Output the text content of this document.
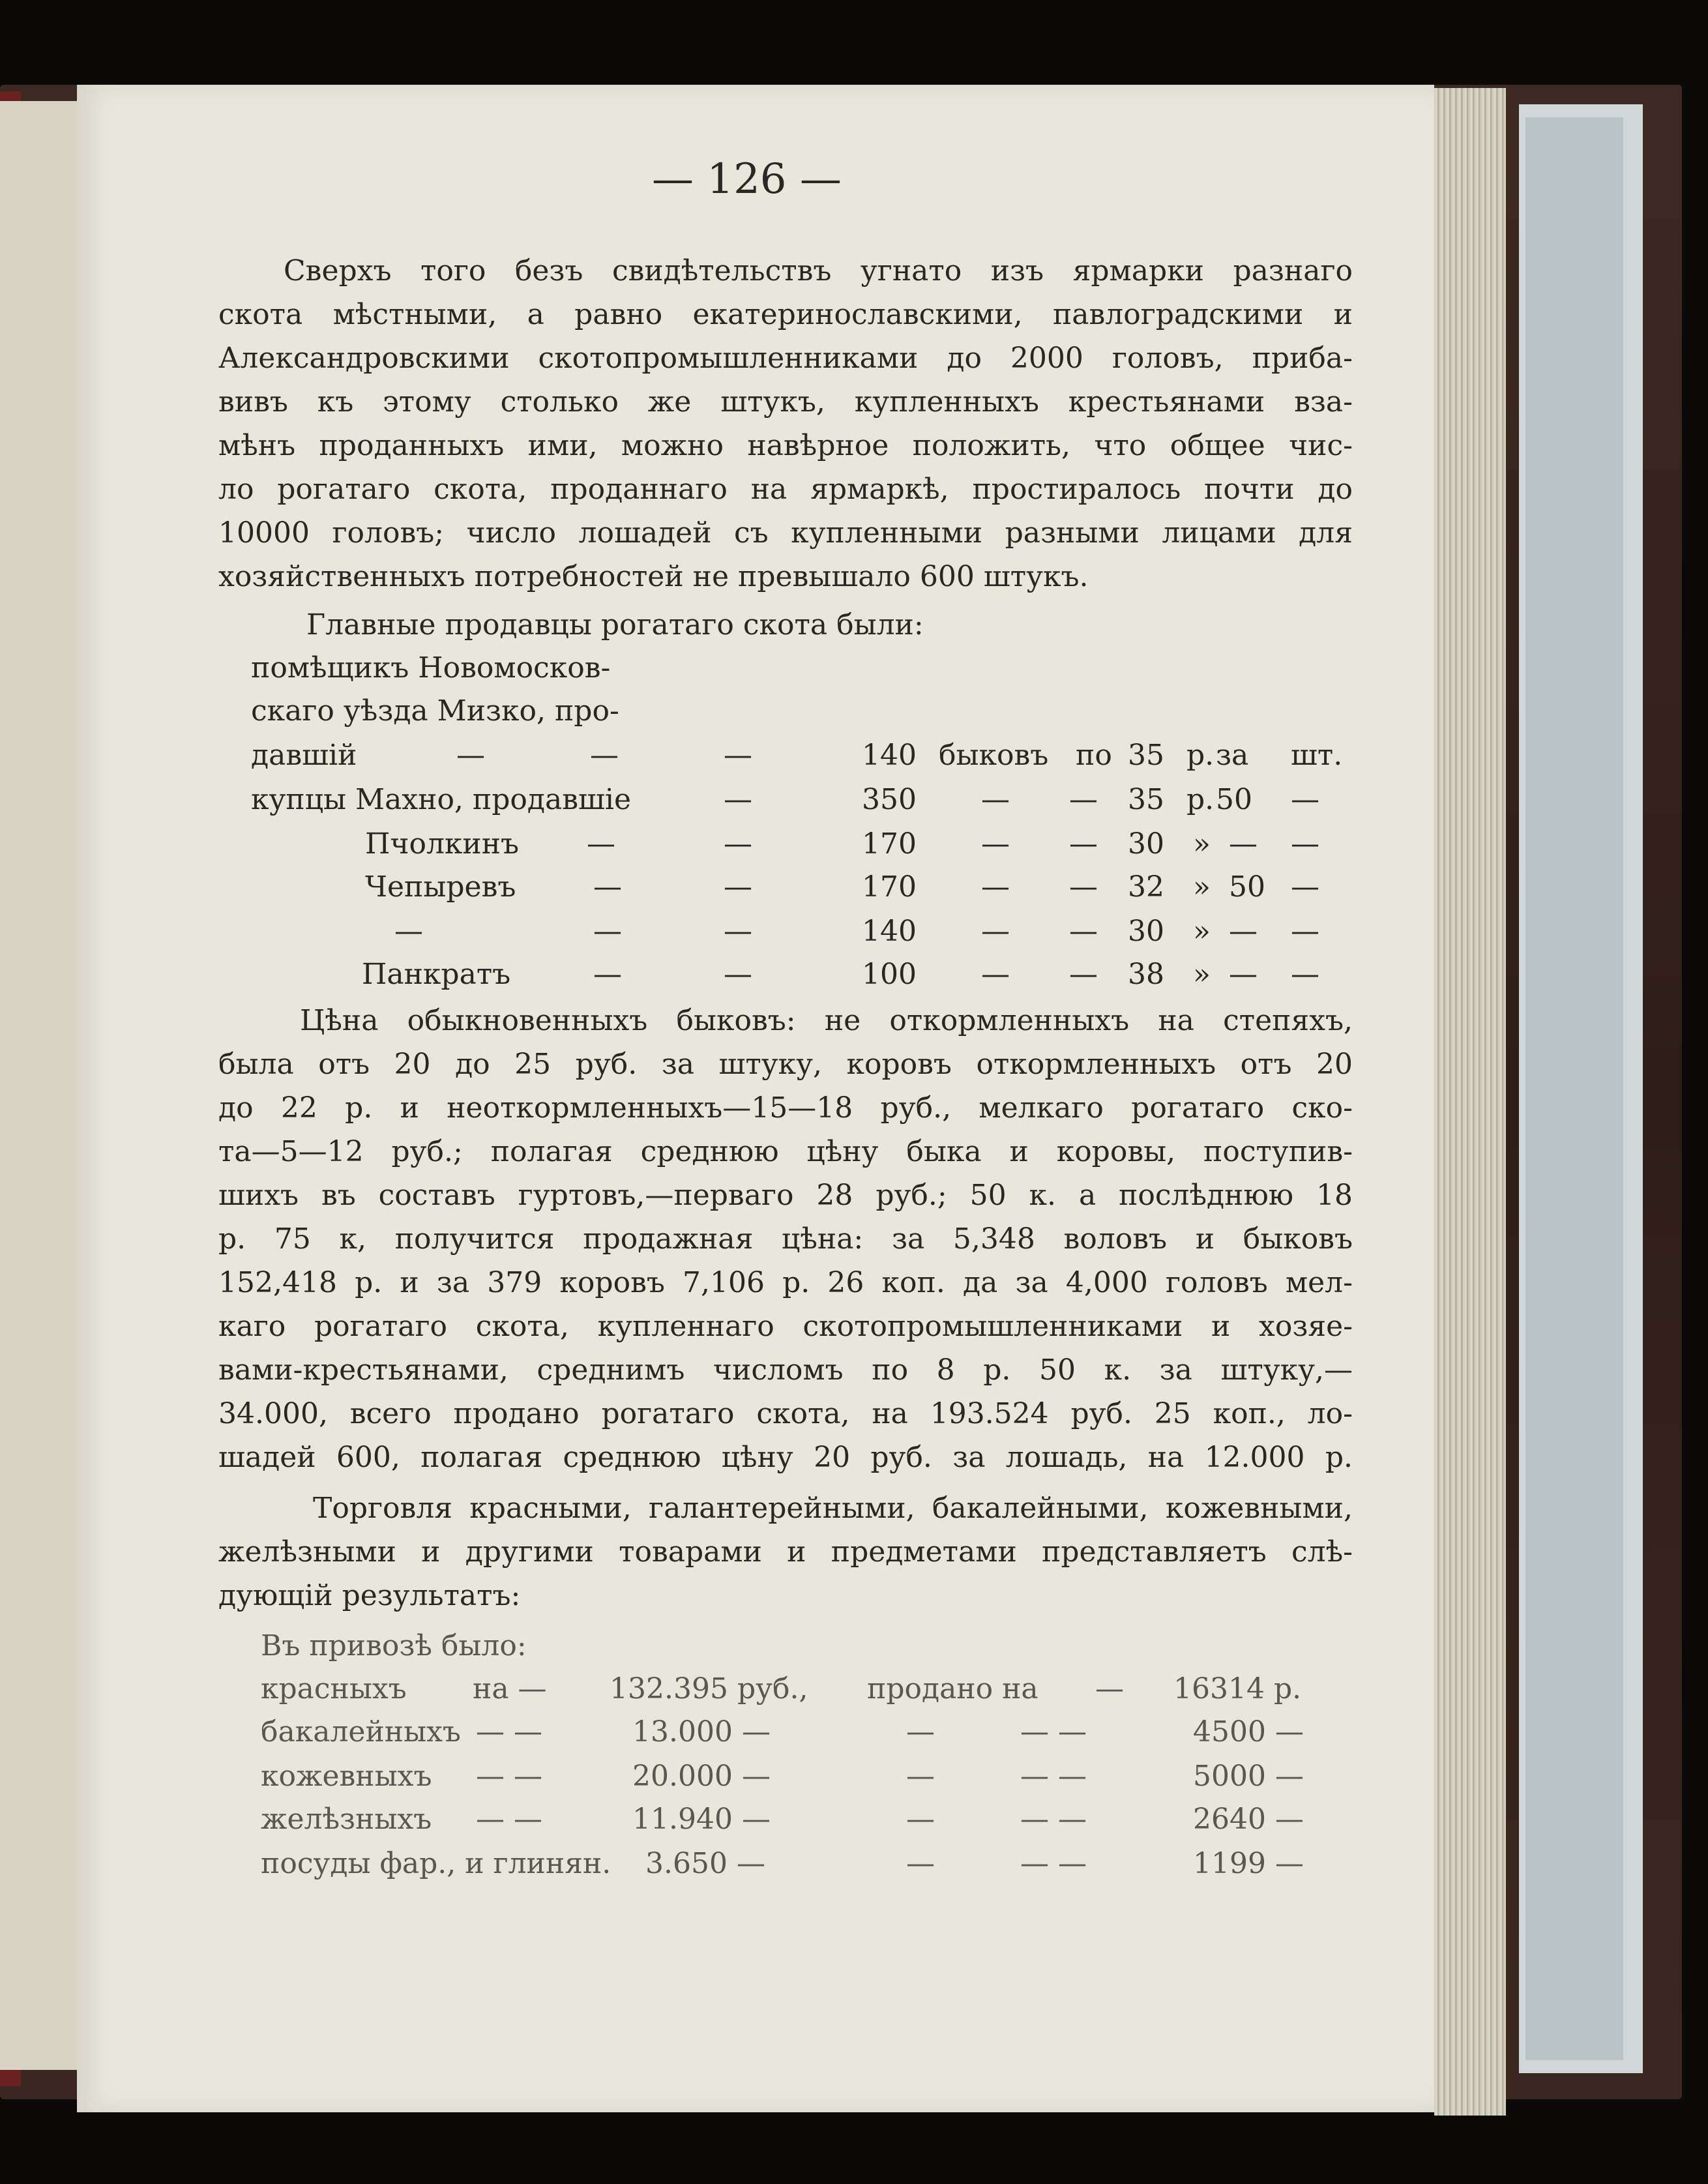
— 126 —
Сверхъ того безъ свидѣтельствъ угнато изъ ярмарки разнаго
скота мѣстными, а равно екатеринославскими, павлоградскими и
Александровскими скотопромышленниками до 2000 головъ, прибa-
вивъ къ этому столько же штукъ, купленныхъ крестьянами вза-
мѣнъ проданныхъ ими, можно навѣрное положить, что общее чис-
ло рогатаго скота, проданнаго на ярмаркѣ, простиралось почти до
10000 головъ; число лошадей съ купленными разными лицами для
хозяйственныхъ потребностей не превышало 600 штукъ.
Главные продавцы рогатаго скота были:
помѣщикъ Новомосков-
скаго уѣзда Мизко, про-
давшій	—	—	—	140 быковъ по 35 р. за шт.
купцы Махно, продавшіе	—	350 — — 35 р. 50 —
Пчолкинъ —	—	170 — — 30 » — —
Чепыревъ	—	—	170 — — 32 » 50 —
—	—	—	140 — — 30 » — —
Панкратъ	—	—	100 — — 38 » — —
Цѣна обыкновенныхъ быковъ: не откормленныхъ на степяхъ,
была отъ 20 до 25 руб. за штуку, коровъ откормленныхъ отъ 20
до 22 р. и неоткормленныхъ—15—18 руб., мелкаго рогатаго ско-
та—5—12 руб.; полагая среднюю цѣну быка и коровы, поступив-
шихъ въ составъ гуртовъ,—перваго 28 руб.; 50 к. а послѣднюю 18
р. 75 к, получится продажная цѣна: за 5,348 воловъ и быковъ
152,418 р. и за 379 коровъ 7,106 р. 26 коп. да за 4,000 головъ мел-
каго рогатаго скота, купленнаго скотопромышленниками и хозяе-
вами-крестьянами, среднимъ числомъ по 8 р. 50 к. за штуку,—
34.000, всего продано рогатаго скота, на 193.524 руб. 25 коп., ло-
шадей 600, полагая среднюю цѣну 20 руб. за лошадь, на 12.000 р.
Торговля красными, галантерейными, бакалейными, кожевными,
желѣзными и другими товарами и предметами представляетъ слѣ-
дующій результатъ:
Въ привозѣ было:
красныхъ на — 132.395 руб., продано на — 16314 р.
бакалейныхъ — —	13.000 —	—	— —	4500 —
кожевныхъ — —	20.000 —	—	— —	5000 —
желѣзныхъ — —	11.940 —	—	— —	2640 —
посуды фар., и глинян. 3.650 —	—	— —	1199 —
